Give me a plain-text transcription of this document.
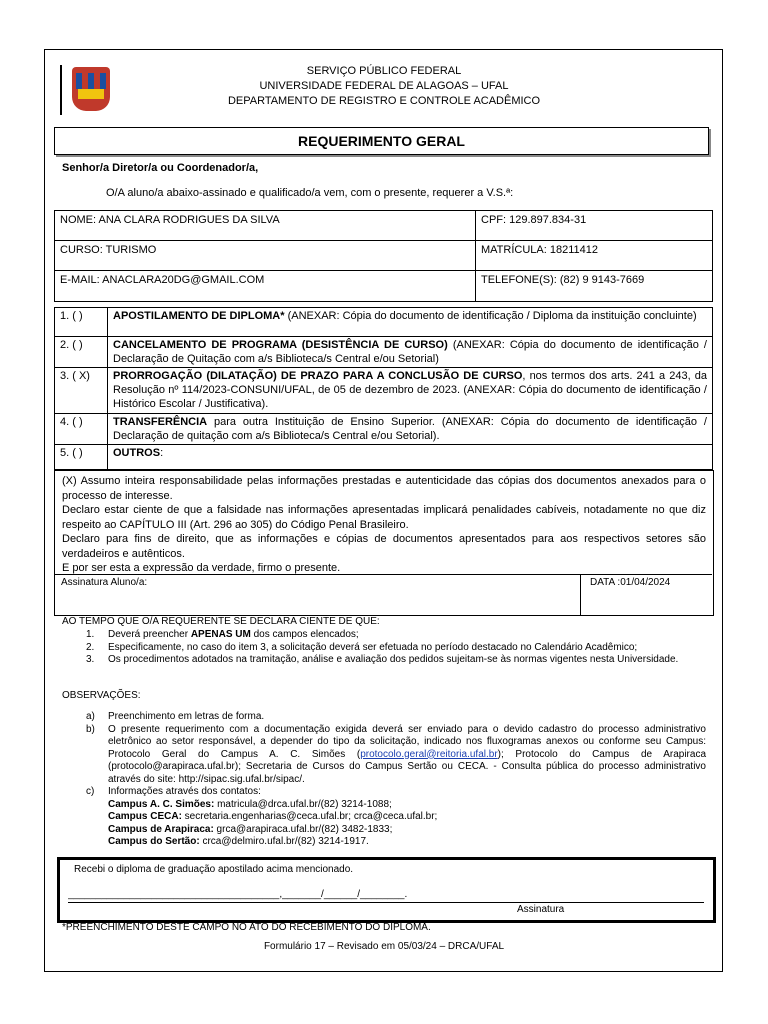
SERVIÇO PÚBLICO FEDERAL
UNIVERSIDADE FEDERAL DE ALAGOAS – UFAL
DEPARTAMENTO DE REGISTRO E CONTROLE ACADÊMICO
REQUERIMENTO GERAL
Senhor/a Diretor/a ou Coordenador/a,
O/A aluno/a abaixo-assinado e qualificado/a vem, com o presente, requerer a V.S.ª:
NOME: ANA CLARA RODRIGUES DA SILVA	CPF: 129.897.834-31
CURSO: TURISMO	MATRÍCULA: 18211412
E-MAIL: ANACLARA20DG@GMAIL.COM	TELEFONE(S): (82) 9 9143-7669
1. ( )	APOSTILAMENTO DE DIPLOMA* (ANEXAR: Cópia do documento de identificação / Diploma da instituição concluinte)
2. ( )	CANCELAMENTO DE PROGRAMA (DESISTÊNCIA DE CURSO) (ANEXAR: Cópia do documento de identificação / Declaração de Quitação com a/s Biblioteca/s Central e/ou Setorial)
3. ( X)	PRORROGAÇÃO (DILATAÇÃO) DE PRAZO PARA A CONCLUSÃO DE CURSO, nos termos dos arts. 241 a 243, da Resolução nº 114/2023-CONSUNI/UFAL, de 05 de dezembro de 2023. (ANEXAR: Cópia do documento de identificação / Histórico Escolar / Justificativa).
4. ( )	TRANSFERÊNCIA para outra Instituição de Ensino Superior. (ANEXAR: Cópia do documento de identificação / Declaração de quitação com a/s Biblioteca/s Central e/ou Setorial).
5. ( )	OUTROS:
(X) Assumo inteira responsabilidade pelas informações prestadas e autenticidade das cópias dos documentos anexados para o processo de interesse.
Declaro estar ciente de que a falsidade nas informações apresentadas implicará penalidades cabíveis, notadamente no que diz respeito ao CAPÍTULO III (Art. 296 ao 305) do Código Penal Brasileiro.
Declaro para fins de direito, que as informações e cópias de documentos apresentados para aos respectivos setores são verdadeiros e autênticos.
E por ser esta a expressão da verdade, firmo o presente.
Assinatura Aluno/a:	DATA :01/04/2024
AO TEMPO QUE O/A REQUERENTE SE DECLARA CIENTE DE QUE:
1.	Deverá preencher APENAS UM dos campos elencados;
2.	Especificamente, no caso do item 3, a solicitação deverá ser efetuada no período destacado no Calendário Acadêmico;
3.	Os procedimentos adotados na tramitação, análise e avaliação dos pedidos sujeitam-se às normas vigentes nesta Universidade.
OBSERVAÇÕES:
a)	Preenchimento em letras de forma.
b)	O presente requerimento com a documentação exigida deverá ser enviado para o devido cadastro do processo administrativo eletrônico ao setor responsável, a depender do tipo da solicitação, indicado nos fluxogramas anexos ou conforme seu Campus: Protocolo Geral do Campus A. C. Simões (protocolo.geral@reitoria.ufal.br); Protocolo do Campus de Arapiraca (protocolo@arapiraca.ufal.br); Secretaria de Cursos do Campus Sertão ou CECA. - Consulta pública do processo administrativo através do site: http://sipac.sig.ufal.br/sipac/.
c)	Informações através dos contatos:
Campus A. C. Simões: matricula@drca.ufal.br/(82) 3214-1088;
Campus CECA: secretaria.engenharias@ceca.ufal.br; crca@ceca.ufal.br;
Campus de Arapiraca: grca@arapiraca.ufal.br/(82) 3482-1833;
Campus do Sertão: crca@delmiro.ufal.br/(82) 3214-1917.
Recebi o diploma de graduação apostilado acima mencionado.
______________________________________,_______/______/________.
Assinatura
*PREENCHIMENTO DESTE CAMPO NO ATO DO RECEBIMENTO DO DIPLOMA.
Formulário 17 – Revisado em 05/03/24 – DRCA/UFAL
